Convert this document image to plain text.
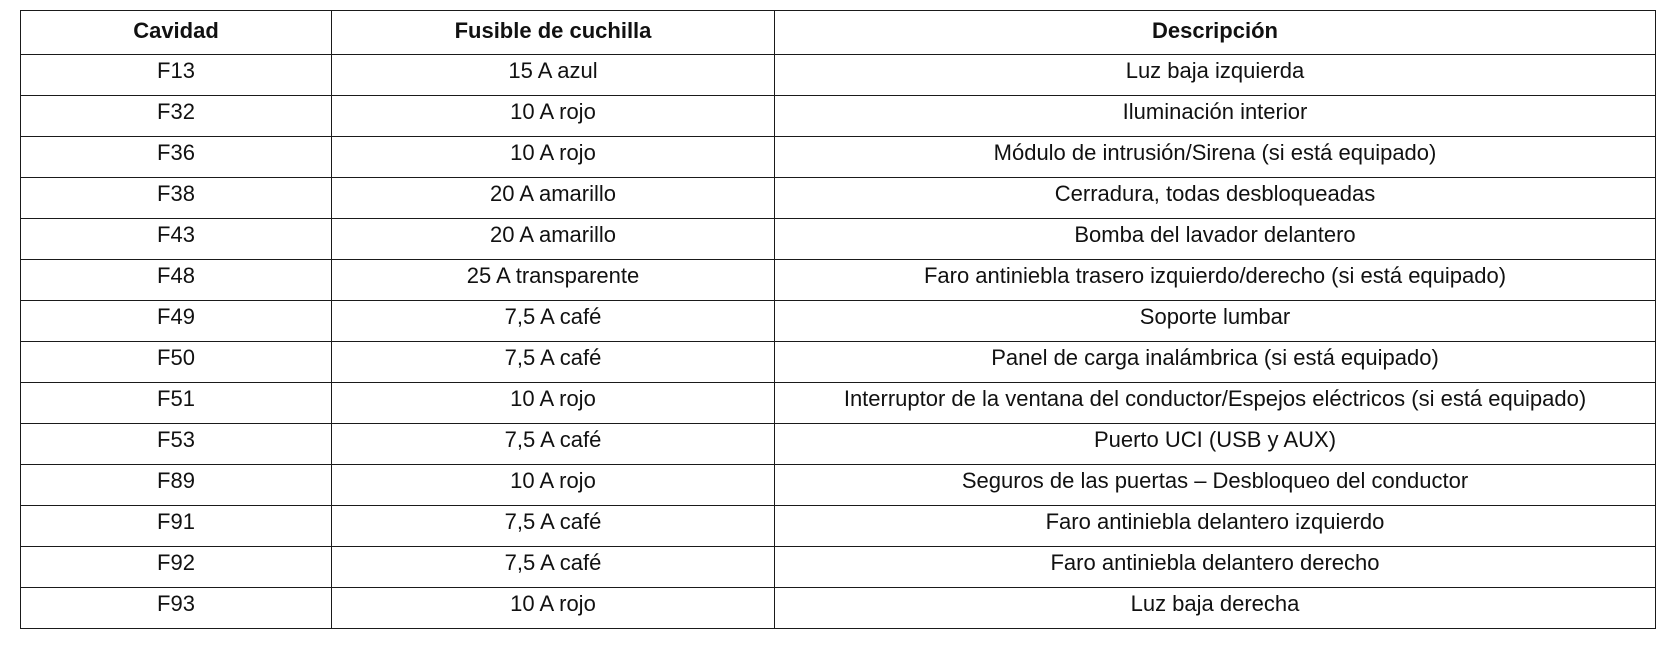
Cavidad	Fusible de cuchilla	Descripción
F13	15 A azul	Luz baja izquierda
F32	10 A rojo	Iluminación interior
F36	10 A rojo	Módulo de intrusión/Sirena (si está equipado)
F38	20 A amarillo	Cerradura, todas desbloqueadas
F43	20 A amarillo	Bomba del lavador delantero
F48	25 A transparente	Faro antiniebla trasero izquierdo/derecho (si está equipado)
F49	7,5 A café	Soporte lumbar
F50	7,5 A café	Panel de carga inalámbrica (si está equipado)
F51	10 A rojo	Interruptor de la ventana del conductor/Espejos eléctricos (si está equipado)
F53	7,5 A café	Puerto UCI (USB y AUX)
F89	10 A rojo	Seguros de las puertas – Desbloqueo del conductor
F91	7,5 A café	Faro antiniebla delantero izquierdo
F92	7,5 A café	Faro antiniebla delantero derecho
F93	10 A rojo	Luz baja derecha
